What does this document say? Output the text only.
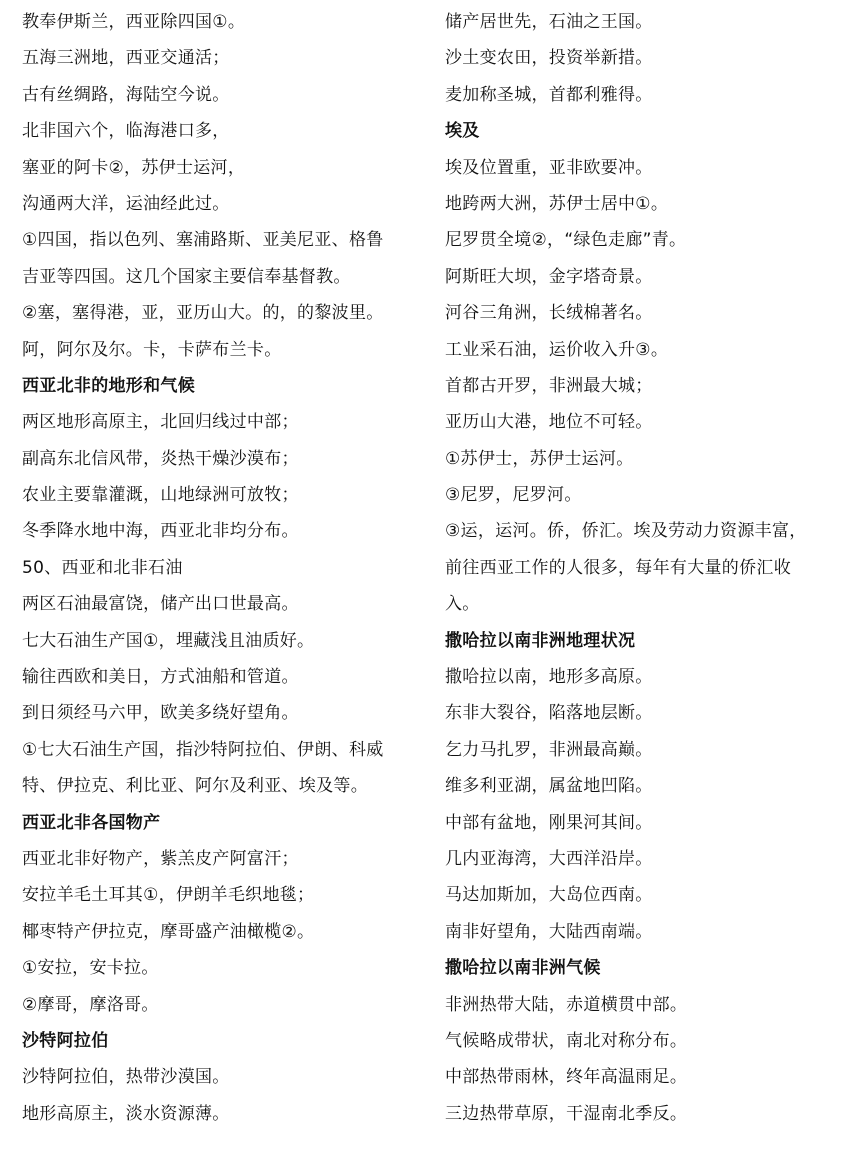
教奉伊斯兰，西亚除四国①。
五海三洲地，西亚交通活；
古有丝绸路，海陆空今说。
北非国六个，临海港口多，
塞亚的阿卡②，苏伊士运河，
沟通两大洋，运油经此过。
①四国，指以色列、塞浦路斯、亚美尼亚、格鲁
吉亚等四国。这几个国家主要信奉基督教。
②塞，塞得港，亚，亚历山大。的，的黎波里。
阿，阿尔及尔。卡，卡萨布兰卡。
西亚北非的地形和气候
两区地形高原主，北回归线过中部；
副高东北信风带，炎热干燥沙漠布；
农业主要靠灌溉，山地绿洲可放牧；
冬季降水地中海，西亚北非均分布。
50、西亚和北非石油
两区石油最富饶，储产出口世最高。
七大石油生产国①，埋藏浅且油质好。
输往西欧和美日，方式油船和管道。
到日须经马六甲，欧美多绕好望角。
①七大石油生产国，指沙特阿拉伯、伊朗、科威
特、伊拉克、利比亚、阿尔及利亚、埃及等。
西亚北非各国物产
西亚北非好物产，紫羔皮产阿富汗；
安拉羊毛土耳其①，伊朗羊毛织地毯；
椰枣特产伊拉克，摩哥盛产油橄榄②。
①安拉，安卡拉。
②摩哥，摩洛哥。
沙特阿拉伯
沙特阿拉伯，热带沙漠国。
地形高原主，淡水资源薄。
储产居世先，石油之王国。
沙土变农田，投资举新措。
麦加称圣城，首都利雅得。
埃及
埃及位置重，亚非欧要冲。
地跨两大洲，苏伊士居中①。
尼罗贯全境②，“绿色走廊”青。
阿斯旺大坝，金字塔奇景。
河谷三角洲，长绒棉著名。
工业采石油，运价收入升③。
首都古开罗，非洲最大城；
亚历山大港，地位不可轻。
①苏伊士，苏伊士运河。
③尼罗，尼罗河。
③运，运河。侨，侨汇。埃及劳动力资源丰富，
前往西亚工作的人很多，每年有大量的侨汇收
入。
撒哈拉以南非洲地理状况
撒哈拉以南，地形多高原。
东非大裂谷，陷落地层断。
乞力马扎罗，非洲最高巅。
维多利亚湖，属盆地凹陷。
中部有盆地，刚果河其间。
几内亚海湾，大西洋沿岸。
马达加斯加，大岛位西南。
南非好望角，大陆西南端。
撒哈拉以南非洲气候
非洲热带大陆，赤道横贯中部。
气候略成带状，南北对称分布。
中部热带雨林，终年高温雨足。
三边热带草原，干湿南北季反。
